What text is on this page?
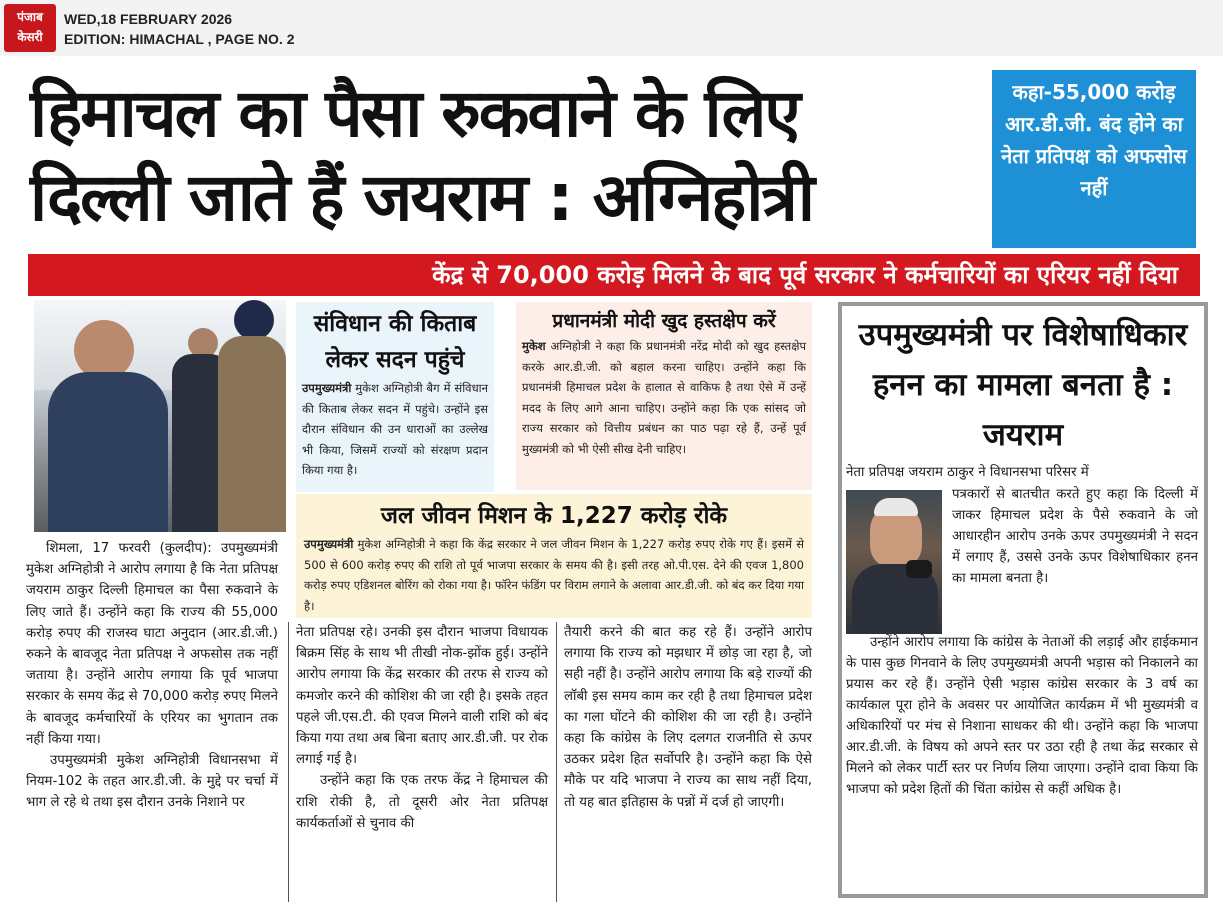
पंजाब
केसरी
WED,18 FEBRUARY 2026
EDITION: HIMACHAL , PAGE NO. 2
हिमाचल का पैसा रुकवाने के लिए
दिल्ली जाते हैं जयराम : अग्निहोत्री
कहा-55,000 करोड़ आर.डी.जी. बंद होने का नेता प्रतिपक्ष को अफसोस नहीं
केंद्र से 70,000 करोड़ मिलने के बाद पूर्व सरकार ने कर्मचारियों का एरियर नहीं दिया
संविधान की किताब लेकर सदन पहुंचे
उपमुख्यमंत्री मुकेश अग्निहोत्री बैग में संविधान की किताब लेकर सदन में पहुंचे। उन्होंने इस दौरान संविधान की उन धाराओं का उल्लेख भी किया, जिसमें राज्यों को संरक्षण प्रदान किया गया है।
प्रधानमंत्री मोदी खुद हस्तक्षेप करें
मुकेश अग्निहोत्री ने कहा कि प्रधानमंत्री नरेंद्र मोदी को खुद हस्तक्षेप करके आर.डी.जी. को बहाल करना चाहिए। उन्होंने कहा कि प्रधानमंत्री हिमाचल प्रदेश के हालात से वाकिफ है तथा ऐसे में उन्हें मदद के लिए आगे आना चाहिए। उन्होंने कहा कि एक सांसद जो राज्य सरकार को वित्तीय प्रबंधन का पाठ पढ़ा रहे हैं, उन्हें पूर्व मुख्यमंत्री को भी ऐसी सीख देनी चाहिए।
जल जीवन मिशन के 1,227 करोड़ रोके
उपमुख्यमंत्री मुकेश अग्निहोत्री ने कहा कि केंद्र सरकार ने जल जीवन मिशन के 1,227 करोड़ रुपए रोके गए हैं। इसमें से 500 से 600 करोड़ रुपए की राशि तो पूर्व भाजपा सरकार के समय की है। इसी तरह ओ.पी.एस. देने की एवज 1,800 करोड़ रुपए एडिशनल बोरिंग को रोका गया है। फॉरेन फंडिंग पर विराम लगाने के अलावा आर.डी.जी. को बंद कर दिया गया है।

शिमला, 17 फरवरी (कुलदीप): उपमुख्यमंत्री मुकेश अग्निहोत्री ने आरोप लगाया है कि नेता प्रतिपक्ष जयराम ठाकुर दिल्ली हिमाचल का पैसा रुकवाने के लिए जाते हैं। उन्होंने कहा कि राज्य की 55,000 करोड़ रुपए की राजस्व घाटा अनुदान (आर.डी.जी.) रुकने के बावजूद नेता प्रतिपक्ष ने अफसोस तक नहीं जताया है। उन्होंने आरोप लगाया कि पूर्व भाजपा सरकार के समय केंद्र से 70,000 करोड़ रुपए मिलने के बावजूद कर्मचारियों के एरियर का भुगतान तक नहीं किया गया।

उपमुख्यमंत्री मुकेश अग्निहोत्री विधानसभा में नियम-102 के तहत आर.डी.जी. के मुद्दे पर चर्चा में भाग ले रहे थे तथा इस दौरान उनके निशाने पर

नेता प्रतिपक्ष रहे। उनकी इस दौरान भाजपा विधायक बिक्रम सिंह के साथ भी तीखी नोक-झोंक हुई। उन्होंने आरोप लगाया कि केंद्र सरकार की तरफ से राज्य को कमजोर करने की कोशिश की जा रही है। इसके तहत पहले जी.एस.टी. की एवज मिलने वाली राशि को बंद किया गया तथा अब बिना बताए आर.डी.जी. पर रोक लगाई गई है।

उन्होंने कहा कि एक तरफ केंद्र ने हिमाचल की राशि रोकी है, तो दूसरी ओर नेता प्रतिपक्ष कार्यकर्ताओं से चुनाव की

तैयारी करने की बात कह रहे हैं। उन्होंने आरोप लगाया कि राज्य को मझधार में छोड़ जा रहा है, जो सही नहीं है। उन्होंने आरोप लगाया कि बड़े राज्यों की लॉबी इस समय काम कर रही है तथा हिमाचल प्रदेश का गला घोंटने की कोशिश की जा रही है। उन्होंने कहा कि कांग्रेस के लिए दलगत राजनीति से ऊपर उठकर प्रदेश हित सर्वोपरि है। उन्होंने कहा कि ऐसे मौके पर यदि भाजपा ने राज्य का साथ नहीं दिया, तो यह बात इतिहास के पन्नों में दर्ज हो जाएगी।

उपमुख्यमंत्री पर विशेषाधिकार हनन का मामला बनता है : जयराम
नेता प्रतिपक्ष जयराम ठाकुर ने विधानसभा परिसर में
पत्रकारों से बातचीत करते हुए कहा कि दिल्ली में जाकर हिमाचल प्रदेश के पैसे रुकवाने के जो आधारहीन आरोप उनके ऊपर उपमुख्यमंत्री ने सदन में लगाए हैं, उससे उनके ऊपर विशेषाधिकार हनन का मामला बनता है।

उन्होंने आरोप लगाया कि कांग्रेस के नेताओं की लड़ाई और हाईकमान के पास कुछ गिनवाने के लिए उपमुख्यमंत्री अपनी भड़ास को निकालने का प्रयास कर रहे हैं। उन्होंने ऐसी भड़ास कांग्रेस सरकार के 3 वर्ष का कार्यकाल पूरा होने के अवसर पर आयोजित कार्यक्रम में भी मुख्यमंत्री व अधिकारियों पर मंच से निशाना साधकर की थी। उन्होंने कहा कि भाजपा आर.डी.जी. के विषय को अपने स्तर पर उठा रही है तथा केंद्र सरकार से मिलने को लेकर पार्टी स्तर पर निर्णय लिया जाएगा। उन्होंने दावा किया कि भाजपा को प्रदेश हितों की चिंता कांग्रेस से कहीं अधिक है।
